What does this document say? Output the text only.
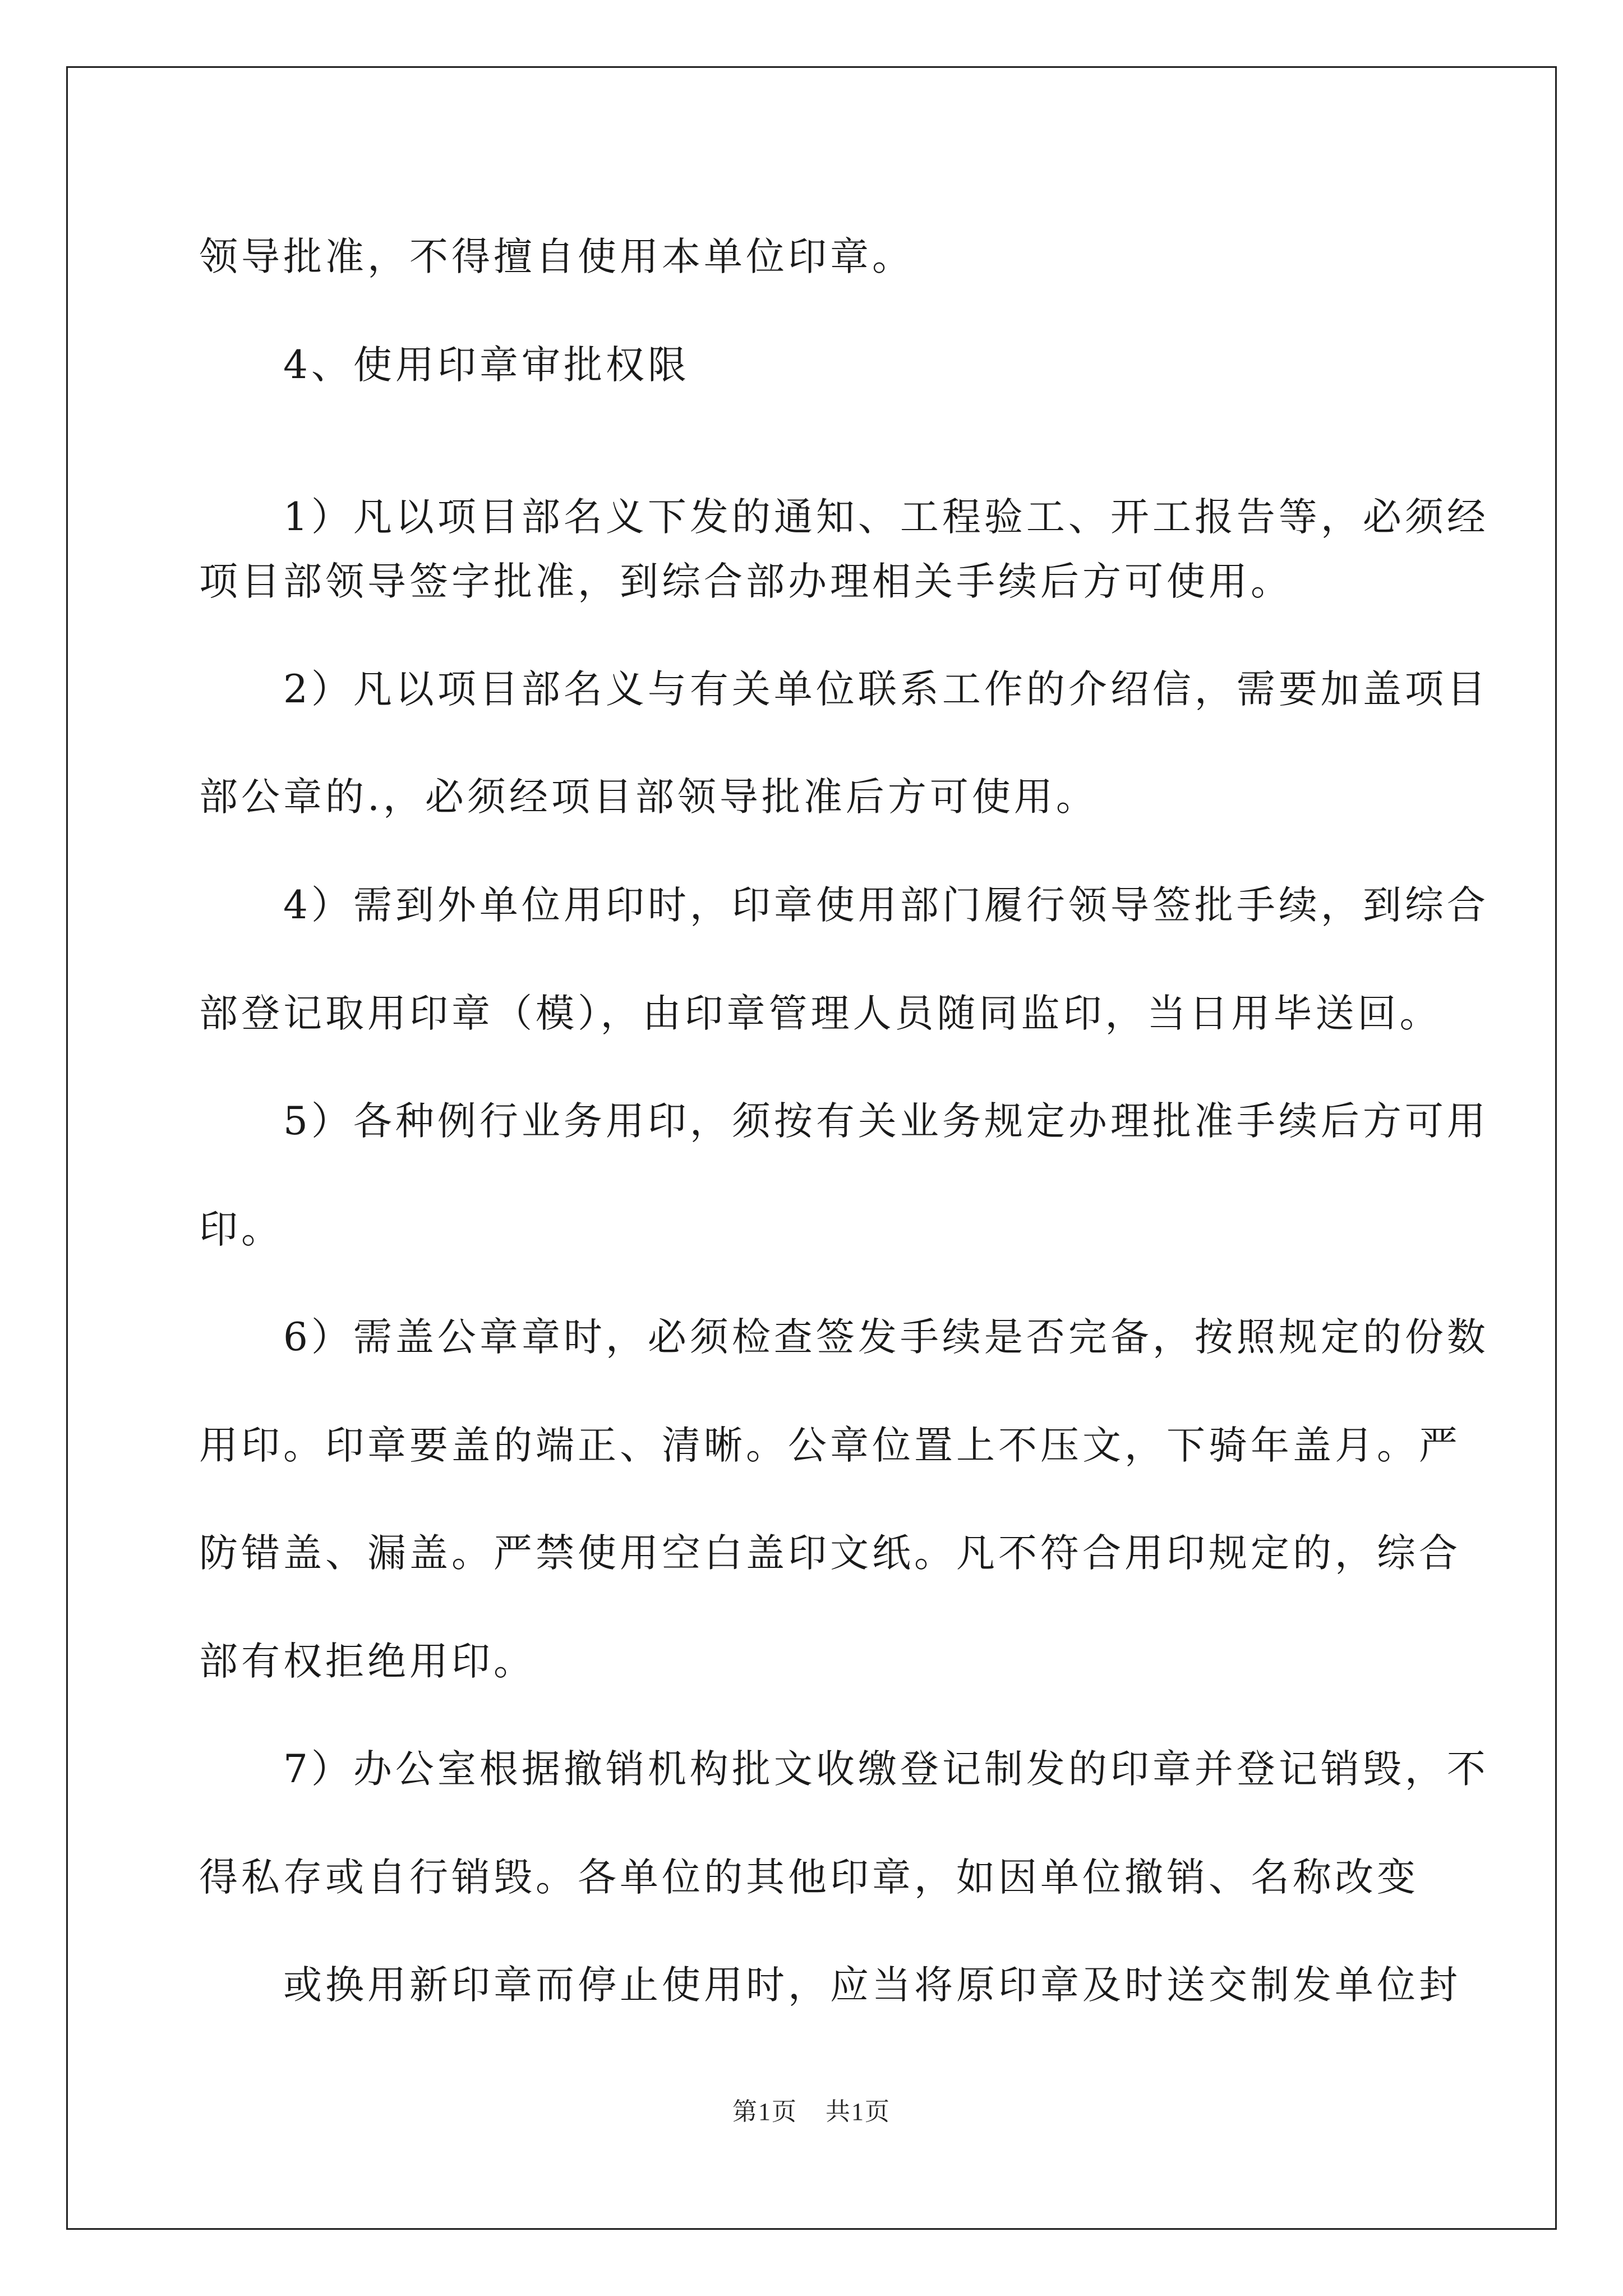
领导批准，不得擅自使用本单位印章。
4、使用印章审批权限
1）凡以项目部名义下发的通知、工程验工、开工报告等，必须经
项目部领导签字批准，到综合部办理相关手续后方可使用。
2）凡以项目部名义与有关单位联系工作的介绍信，需要加盖项目
部公章的.，必须经项目部领导批准后方可使用。
4）需到外单位用印时，印章使用部门履行领导签批手续，到综合
部登记取用印章（模），由印章管理人员随同监印，当日用毕送回。
5）各种例行业务用印，须按有关业务规定办理批准手续后方可用
印。
6）需盖公章章时，必须检查签发手续是否完备，按照规定的份数
用印。印章要盖的端正、清晰。公章位置上不压文，下骑年盖月。严
防错盖、漏盖。严禁使用空白盖印文纸。凡不符合用印规定的，综合
部有权拒绝用印。
7）办公室根据撤销机构批文收缴登记制发的印章并登记销毁，不
得私存或自行销毁。各单位的其他印章，如因单位撤销、名称改变
或换用新印章而停止使用时，应当将原印章及时送交制发单位封
第1页 共1页
